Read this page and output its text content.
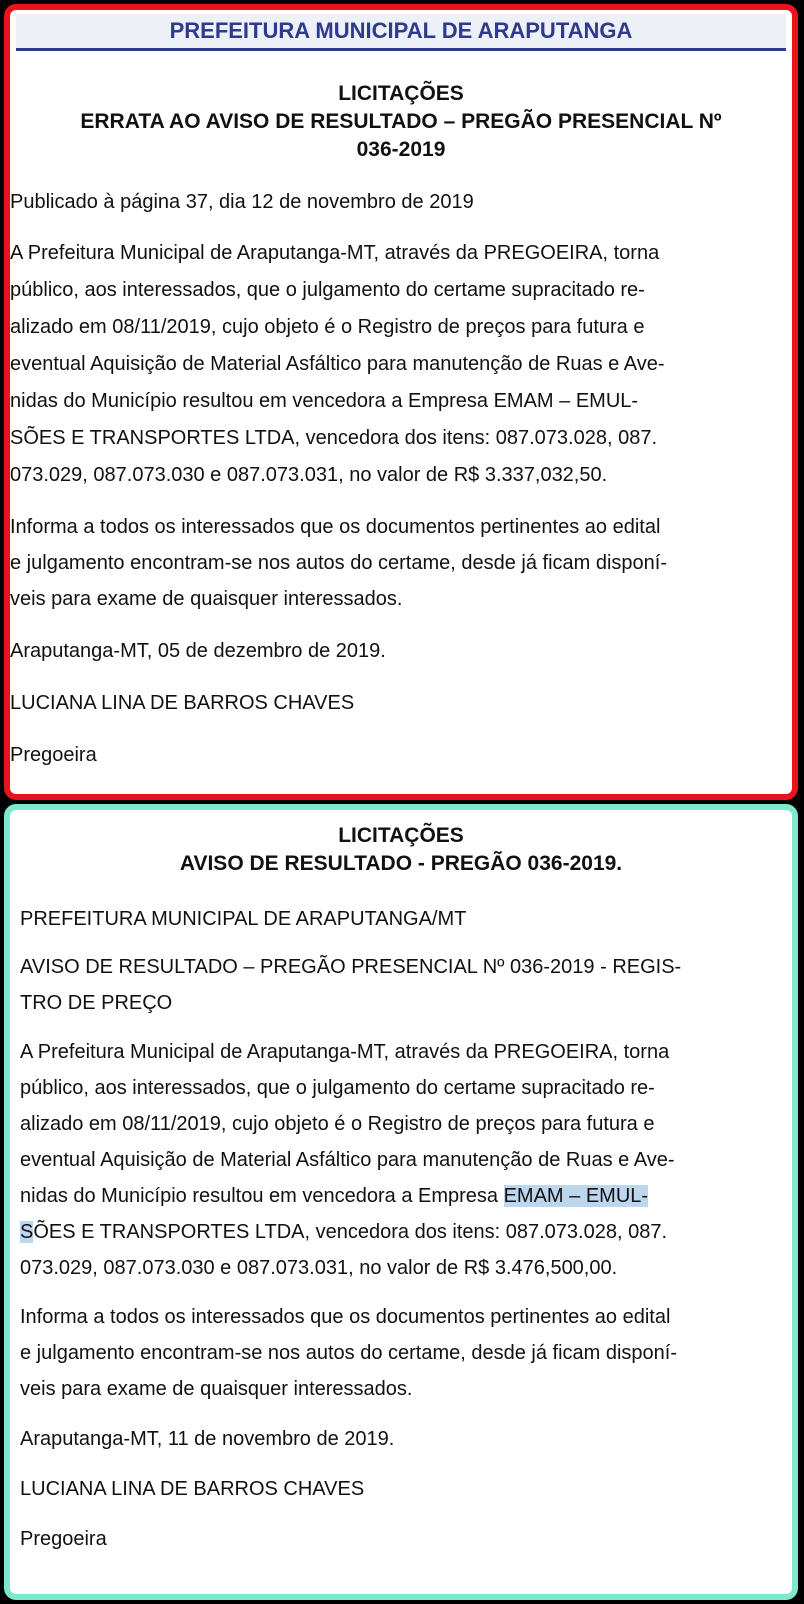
PREFEITURA MUNICIPAL DE ARAPUTANGA
LICITAÇÕES
ERRATA AO AVISO DE RESULTADO – PREGÃO PRESENCIAL Nº
036-2019

Publicado à página 37, dia 12 de novembro de 2019

A Prefeitura Municipal de Araputanga-MT, através da PREGOEIRA, torna

público, aos interessados, que o julgamento do certame supracitado re-

alizado em 08/11/2019, cujo objeto é o Registro de preços para futura e

eventual Aquisição de Material Asfáltico para manutenção de Ruas e Ave-

nidas do Município resultou em vencedora a Empresa EMAM – EMUL-

SÕES E TRANSPORTES LTDA, vencedora dos itens: 087.073.028, 087.

073.029, 087.073.030 e 087.073.031, no valor de R$ 3.337,032,50.

Informa a todos os interessados que os documentos pertinentes ao edital

e julgamento encontram-se nos autos do certame, desde já ficam disponí-

veis para exame de quaisquer interessados.

Araputanga-MT, 05 de dezembro de 2019.

LUCIANA LINA DE BARROS CHAVES

Pregoeira

LICITAÇÕES
AVISO DE RESULTADO - PREGÃO 036-2019.

PREFEITURA MUNICIPAL DE ARAPUTANGA/MT

AVISO DE RESULTADO – PREGÃO PRESENCIAL Nº 036-2019 - REGIS-

TRO DE PREÇO

A Prefeitura Municipal de Araputanga-MT, através da PREGOEIRA, torna

público, aos interessados, que o julgamento do certame supracitado re-

alizado em 08/11/2019, cujo objeto é o Registro de preços para futura e

eventual Aquisição de Material Asfáltico para manutenção de Ruas e Ave-

nidas do Município resultou em vencedora a Empresa EMAM – EMUL-

SÕES E TRANSPORTES LTDA, vencedora dos itens: 087.073.028, 087.

073.029, 087.073.030 e 087.073.031, no valor de R$ 3.476,500,00.

Informa a todos os interessados que os documentos pertinentes ao edital

e julgamento encontram-se nos autos do certame, desde já ficam disponí-

veis para exame de quaisquer interessados.

Araputanga-MT, 11 de novembro de 2019.

LUCIANA LINA DE BARROS CHAVES

Pregoeira
